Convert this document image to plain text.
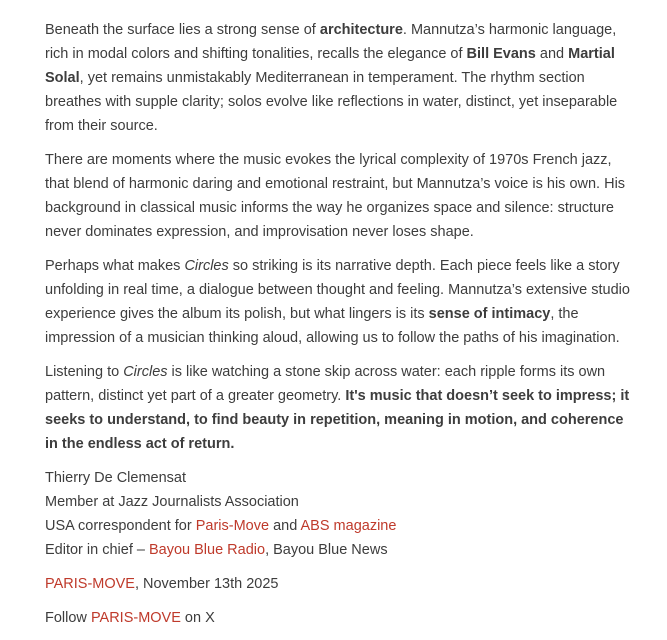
Beneath the surface lies a strong sense of architecture. Mannutza’s harmonic language,
rich in modal colors and shifting tonalities, recalls the elegance of Bill Evans and Martial
Solal, yet remains unmistakably Mediterranean in temperament. The rhythm section
breathes with supple clarity; solos evolve like reflections in water, distinct, yet inseparable
from their source.

There are moments where the music evokes the lyrical complexity of 1970s French jazz,
that blend of harmonic daring and emotional restraint, but Mannutza’s voice is his own. His
background in classical music informs the way he organizes space and silence: structure
never dominates expression, and improvisation never loses shape.

Perhaps what makes Circles so striking is its narrative depth. Each piece feels like a story
unfolding in real time, a dialogue between thought and feeling. Mannutza’s extensive studio
experience gives the album its polish, but what lingers is its sense of intimacy, the
impression of a musician thinking aloud, allowing us to follow the paths of his imagination.

Listening to Circles is like watching a stone skip across water: each ripple forms its own
pattern, distinct yet part of a greater geometry. It's music that doesn’t seek to impress; it
seeks to understand, to find beauty in repetition, meaning in motion, and coherence
in the endless act of return.

Thierry De Clemensat
Member at Jazz Journalists Association
USA correspondent for Paris-Move and ABS magazine
Editor in chief – Bayou Blue Radio, Bayou Blue News

PARIS-MOVE, November 13th 2025

Follow PARIS-MOVE on X
